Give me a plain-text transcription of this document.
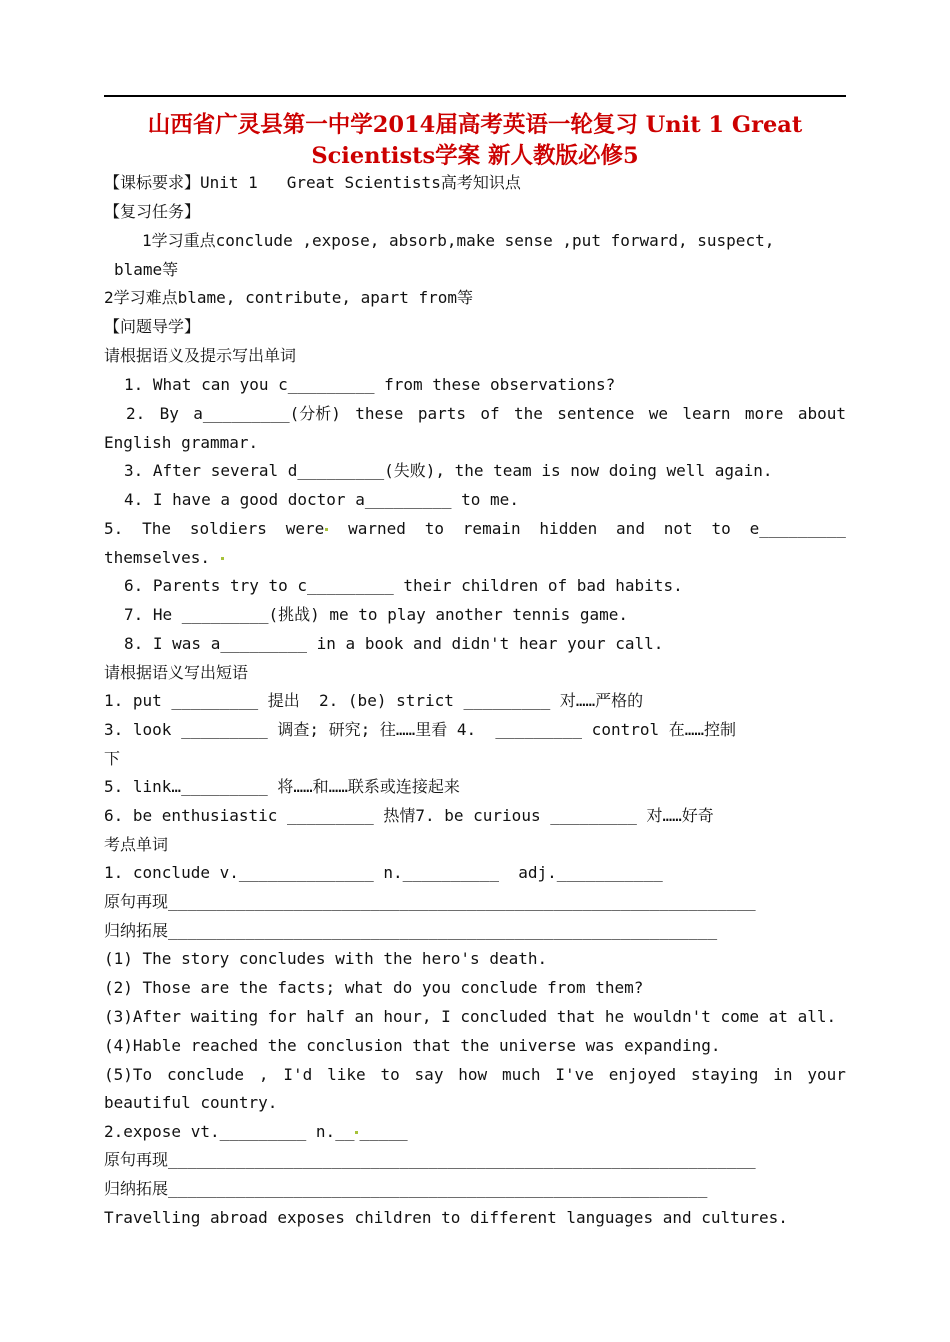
山西省广灵县第一中学2014届高考英语一轮复习 Unit 1 Great
Scientists学案 新人教版必修5

【课标要求】Unit 1   Great Scientists高考知识点

【复习任务】

1学习重点conclude ,expose, absorb,make sense ,put forward, suspect,

blame等

2学习难点blame, contribute, apart from等

【问题导学】

请根据语义及提示写出单词

1. What can you c_________ from these observations?

2. By a_________(分析) these parts of the sentence we learn more about

English grammar.

3. After several d_________(失败), the team is now doing well again.

4. I have a good doctor a_________ to me.

5. The soldiers were	warned to remain hidden and not to e_________

themselves.

6. Parents try to c_________ their children of bad habits.

7. He _________(挑战) me to play another tennis game.

8. I was a_________ in a book and didn't hear your call.

请根据语义写出短语

1. put _________ 提出  2. (be) strict _________ 对……严格的

3. look _________ 调查; 研究; 往……里看 4.  _________ control 在……控制

下

5. link…_________ 将……和……联系或连接起来

6. be enthusiastic _________ 热情7. be curious _________ 对……好奇

考点单词

1. conclude v.______________ n.__________  adj.___________

原句再现_____________________________________________________________

归纳拓展_________________________________________________________

(1) The story concludes with the hero's death.

(2) Those are the facts; what do you conclude from them?

(3)After waiting for half an hour, I concluded that he wouldn't come at all.

(4)Hable reached the conclusion that the universe was expanding.

(5)To conclude , I'd like to say how much I've enjoyed staying in your

beautiful country.

2.expose vt._________ n.__ _____

原句再现_____________________________________________________________

归纳拓展________________________________________________________

Travelling abroad exposes children to different languages and cultures.
